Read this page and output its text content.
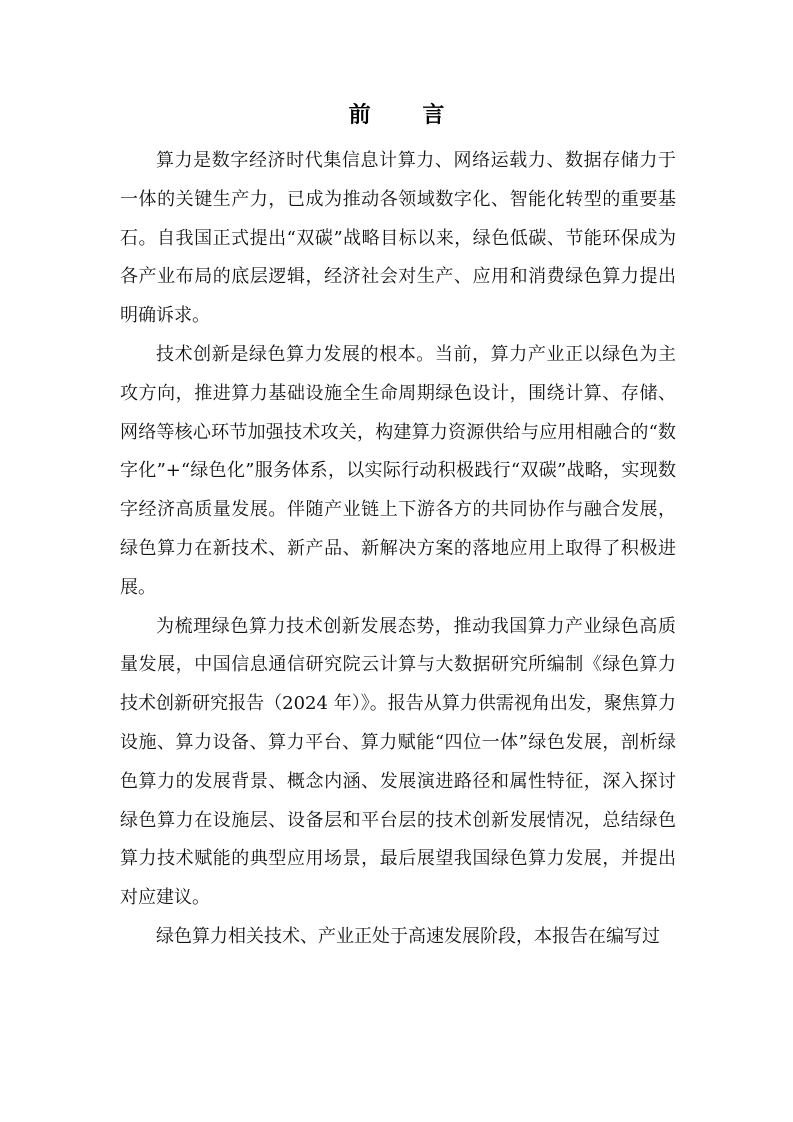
前 言

算力是数字经济时代集信息计算力、网络运载力、数据存储力于一体的关键生产力，已成为推动各领域数字化、智能化转型的重要基石。自我国正式提出“双碳”战略目标以来，绿色低碳、节能环保成为各产业布局的底层逻辑，经济社会对生产、应用和消费绿色算力提出明确诉求。

技术创新是绿色算力发展的根本。当前，算力产业正以绿色为主攻方向，推进算力基础设施全生命周期绿色设计，围绕计算、存储、网络等核心环节加强技术攻关，构建算力资源供给与应用相融合的“数字化”+“绿色化”服务体系，以实际行动积极践行“双碳”战略，实现数字经济高质量发展。伴随产业链上下游各方的共同协作与融合发展，绿色算力在新技术、新产品、新解决方案的落地应用上取得了积极进展。

为梳理绿色算力技术创新发展态势，推动我国算力产业绿色高质量发展，中国信息通信研究院云计算与大数据研究所编制《绿色算力技术创新研究报告（2024 年）》。报告从算力供需视角出发，聚焦算力设施、算力设备、算力平台、算力赋能“四位一体”绿色发展，剖析绿色算力的发展背景、概念内涵、发展演进路径和属性特征，深入探讨绿色算力在设施层、设备层和平台层的技术创新发展情况，总结绿色算力技术赋能的典型应用场景，最后展望我国绿色算力发展，并提出对应建议。

绿色算力相关技术、产业正处于高速发展阶段，本报告在编写过
